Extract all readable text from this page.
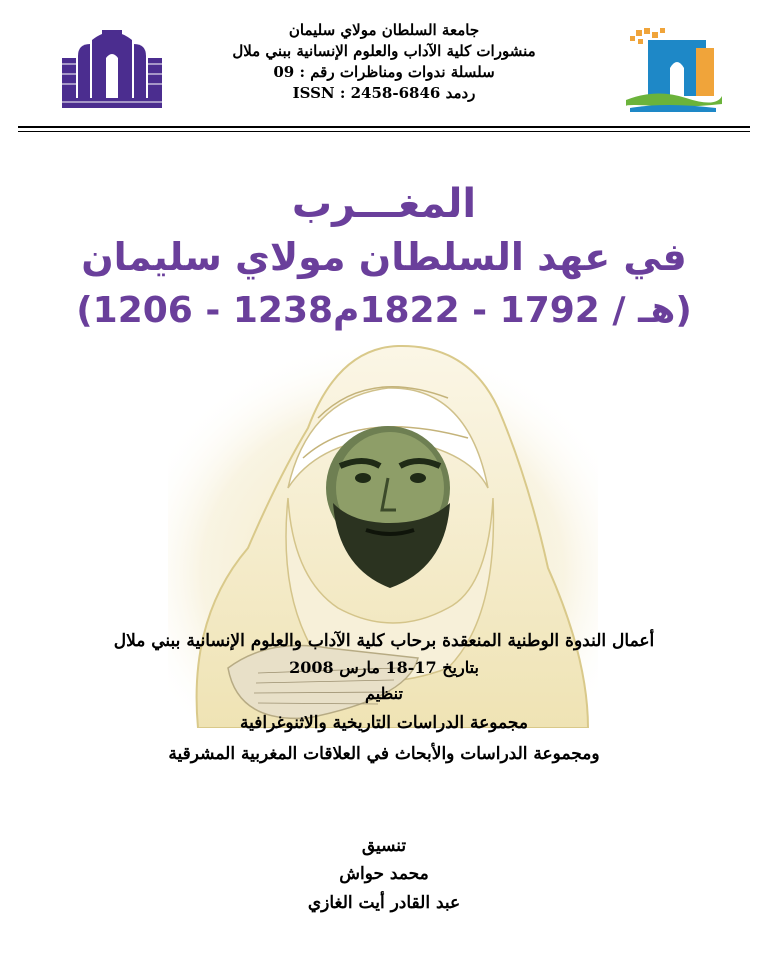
جامعة السلطان مولاي سليمان
منشورات كلية الآداب والعلوم الإنسانية ببني ملال
سلسلة ندوات ومناظرات رقم : 09
ردمد ISSN : 2458-6846
المغـــرب
في عهد السلطان مولاي سليمان
(1206 - 1238هـ / 1792 - 1822م)
أعمال الندوة الوطنية المنعقدة برحاب كلية الآداب والعلوم الإنسانية ببني ملال
بتاريخ 17-18 مارس 2008
تنظيم
مجموعة الدراسات التاريخية والاثنوغرافية
ومجموعة الدراسات والأبحاث في العلاقات المغربية المشرقية
تنسيق
محمد حواش
عبد القادر أيت الغازي
